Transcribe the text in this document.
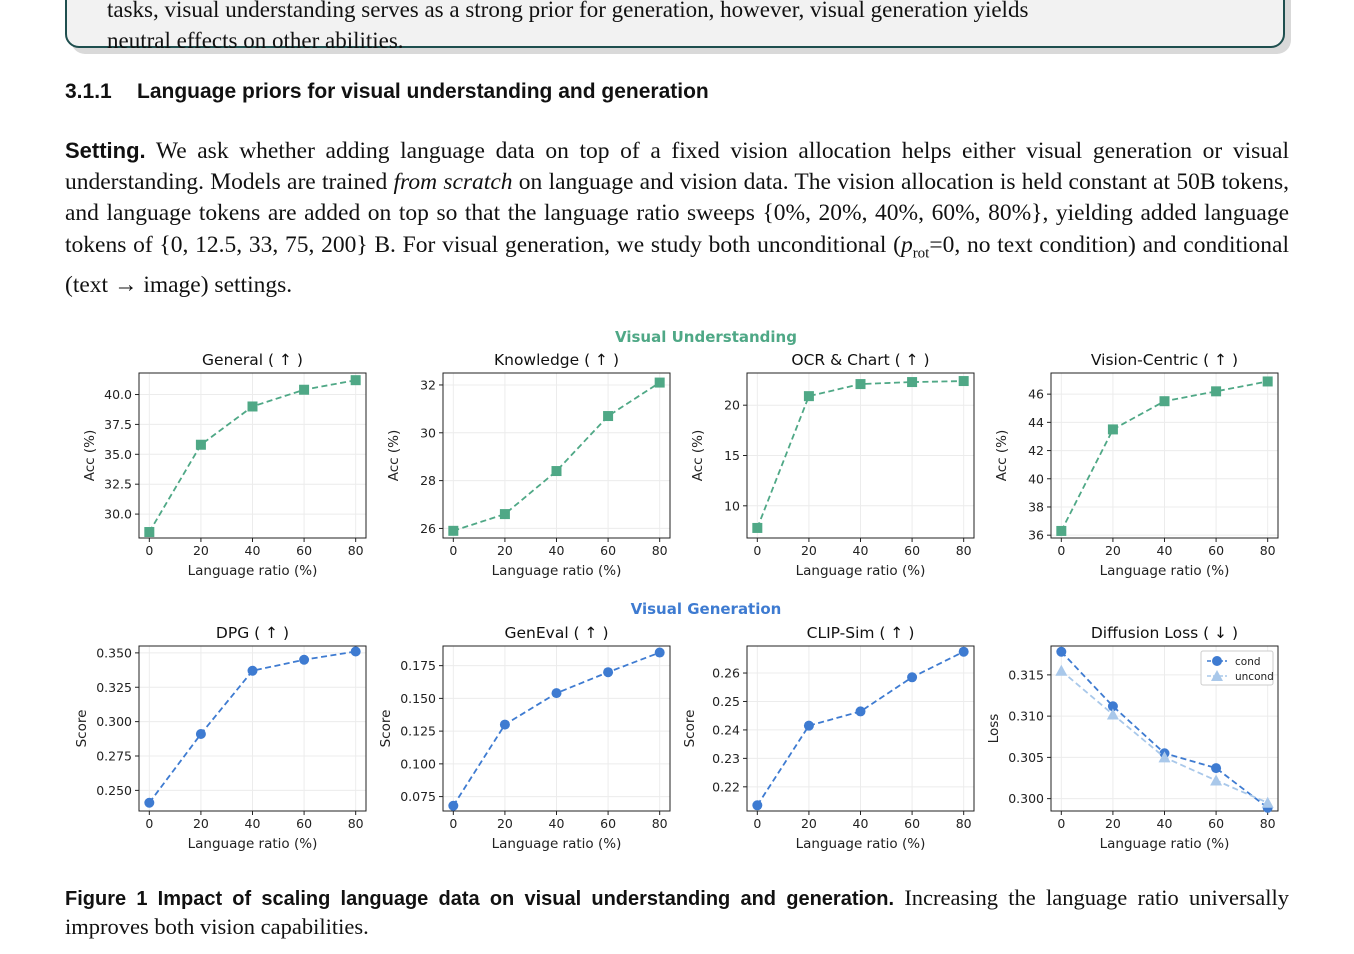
tasks, visual understanding serves as a strong prior for generation, however, visual generation yields
neutral effects on other abilities.
3.1.1 Language priors for visual understanding and generation

Setting. We ask whether adding language data on top of a fixed vision allocation helps either visual generation or visual understanding. Models are trained from scratch on language and vision data. The vision allocation is held constant at 50B tokens, and language tokens are added on top so that the language ratio sweeps {0%, 20%, 40%, 60%, 80%}, yielding added language tokens of {0, 12.5, 33, 75, 200} B. For visual generation, we study both unconditional ($p_{rot}=0$, no text condition) and conditional (text → image) settings.

Visual Understanding
Visual Generation
0	20	40	60	80
30.0
32.5
35.0
37.5
40.0
General ( ↑ )
Language ratio (%)
Acc (%)
0	20	40	60	80
26
28
30
32
Knowledge ( ↑ )
Language ratio (%)
Acc (%)
0	20	40	60	80
10
15
20
OCR & Chart ( ↑ )
Language ratio (%)
Acc (%)
0	20	40	60	80
36
38
40
42
44
46
Vision-Centric ( ↑ )
Language ratio (%)
Acc (%)
0	20	40	60	80
0.250
0.275
0.300
0.325
0.350
DPG ( ↑ )
Language ratio (%)
Score
0	20	40	60	80
0.075
0.100
0.125
0.150
0.175
GenEval ( ↑ )
Language ratio (%)
Score
0	20	40	60	80
0.22
0.23
0.24
0.25
0.26
CLIP-Sim ( ↑ )
Language ratio (%)
Score
0	20	40	60	80
0.300
0.305
0.310
0.315
Diffusion Loss ( ↓ )
Language ratio (%)
Loss
cond
uncond
Figure 1 Impact of scaling language data on visual understanding and generation. Increasing the language ratio universally improves both vision capabilities.
